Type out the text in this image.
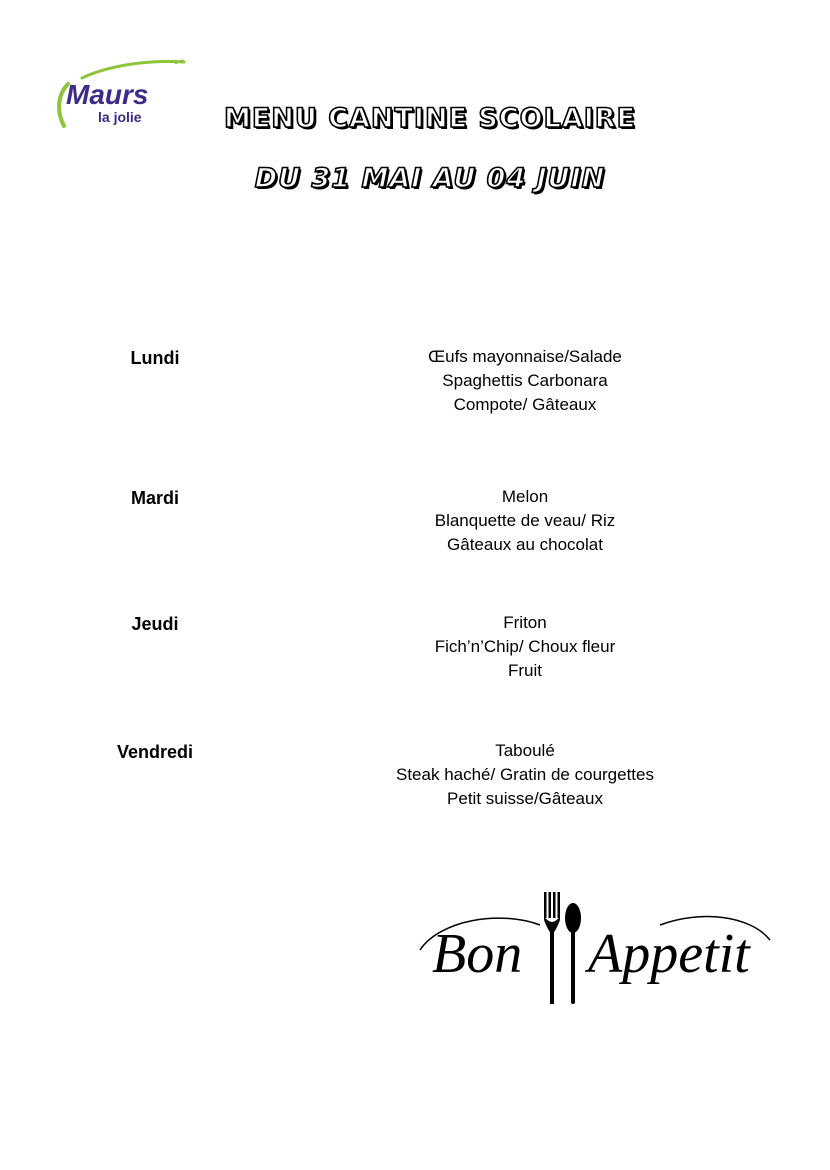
Maurs
la jolie	MENU CANTINE SCOLAIRE
DU 31 MAI AU 04 JUIN
Lundi	Œufs mayonnaise/Salade
Spaghettis Carbonara
Compote/ Gâteaux
Mardi	Melon
Blanquette de veau/ Riz
Gâteaux au chocolat
Jeudi	Friton
Fich’n’Chip/ Choux fleur
Fruit
Vendredi	Taboulé
Steak haché/ Gratin de courgettes
Petit suisse/Gâteaux
Bon Appetit
